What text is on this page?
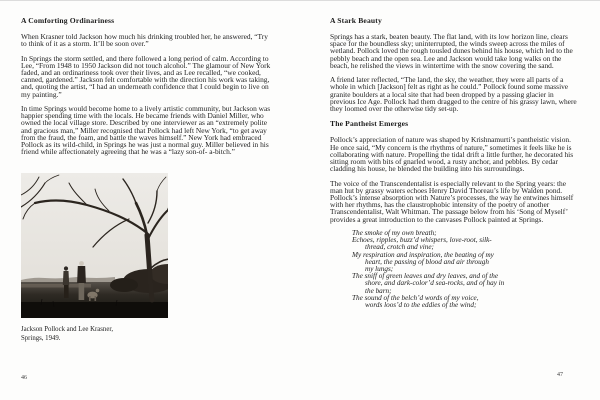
A Comforting Ordinariness

When Krasner told Jackson how much his drinking troubled her, he answered, “Try to think of it as a storm. It’ll be soon over.”

In Springs the storm settled, and there followed a long period of calm. According to Lee, “From 1948 to 1950 Jackson did not touch alcohol.” The glamour of New York faded, and an ordinariness took over their lives, and as Lee recalled, “we cooked, canned, gardened.” Jackson felt comfortable with the direction his work was taking, and, quoting the artist, “I had an underneath confidence that I could begin to live on my painting.”

In time Springs would become home to a lively artistic community, but Jackson was happier spending time with the locals. He became friends with Daniel Miller, who owned the local village store. Described by one interviewer as an “extremely polite and gracious man,” Miller recognised that Pollock had left New York, “to get away from the fraud, the foam, and battle the waves himself.” New York had embraced Pollock as its wild-child, in Springs he was just a normal guy. Miller believed in his friend while affectionately agreeing that he was a “lazy son-of- a-bitch.”

Jackson Pollock and Lee Krasner,
Springs, 1949.
A Stark Beauty

Springs has a stark, beaten beauty. The flat land, with its low horizon line, clears space for the boundless sky; uninterrupted, the winds sweep across the miles of wetland. Pollock loved the rough tousled dunes behind his house, which led to the pebbly beach and the open sea. Lee and Jackson would take long walks on the beach, he relished the views in wintertime with the snow covering the sand.

A friend later reflected, “The land, the sky, the weather, they were all parts of a whole in which [Jackson] felt as right as he could.” Pollock found some massive granite boulders at a local site that had been dropped by a passing glacier in previous Ice Age. Pollock had them dragged to the centre of his grassy lawn, where they loomed over the otherwise tidy set-up.

The Pantheist Emerges

Pollock’s appreciation of nature was shaped by Krishnamurti’s pantheistic vision. He once said, “My concern is the rhythms of nature,” sometimes it feels like he is collaborating with nature. Propelling the tidal drift a little further, he decorated his sitting room with bits of gnarled wood, a rusty anchor, and pebbles. By cedar cladding his house, he blended the building into his surroundings.

The voice of the Transcendentalist is especially relevant to the Spring years: the man hut by grassy waters echoes Henry David Thoreau’s life by Walden pond. Pollock’s intense absorption with Nature’s processes, the way he entwines himself with her rhythms, has the claustrophobic intensity of the poetry of another Transcendentalist, Walt Whitman. The passage below from his ‘Song of Myself’ provides a great introduction to the canvases Pollock painted at Springs.

The smoke of my own breath;
Echoes, ripples, buzz’d whispers, love-root, silk-
thread, crotch and vine;
My respiration and inspiration, the beating of my
heart, the passing of blood and air through
my lungs;
The sniff of green leaves and dry leaves, and of the
shore, and dark-color’d sea-rocks, and of hay in
the barn;
The sound of the belch’d words of my voice,
words loos’d to the eddies of the wind;
46	47
